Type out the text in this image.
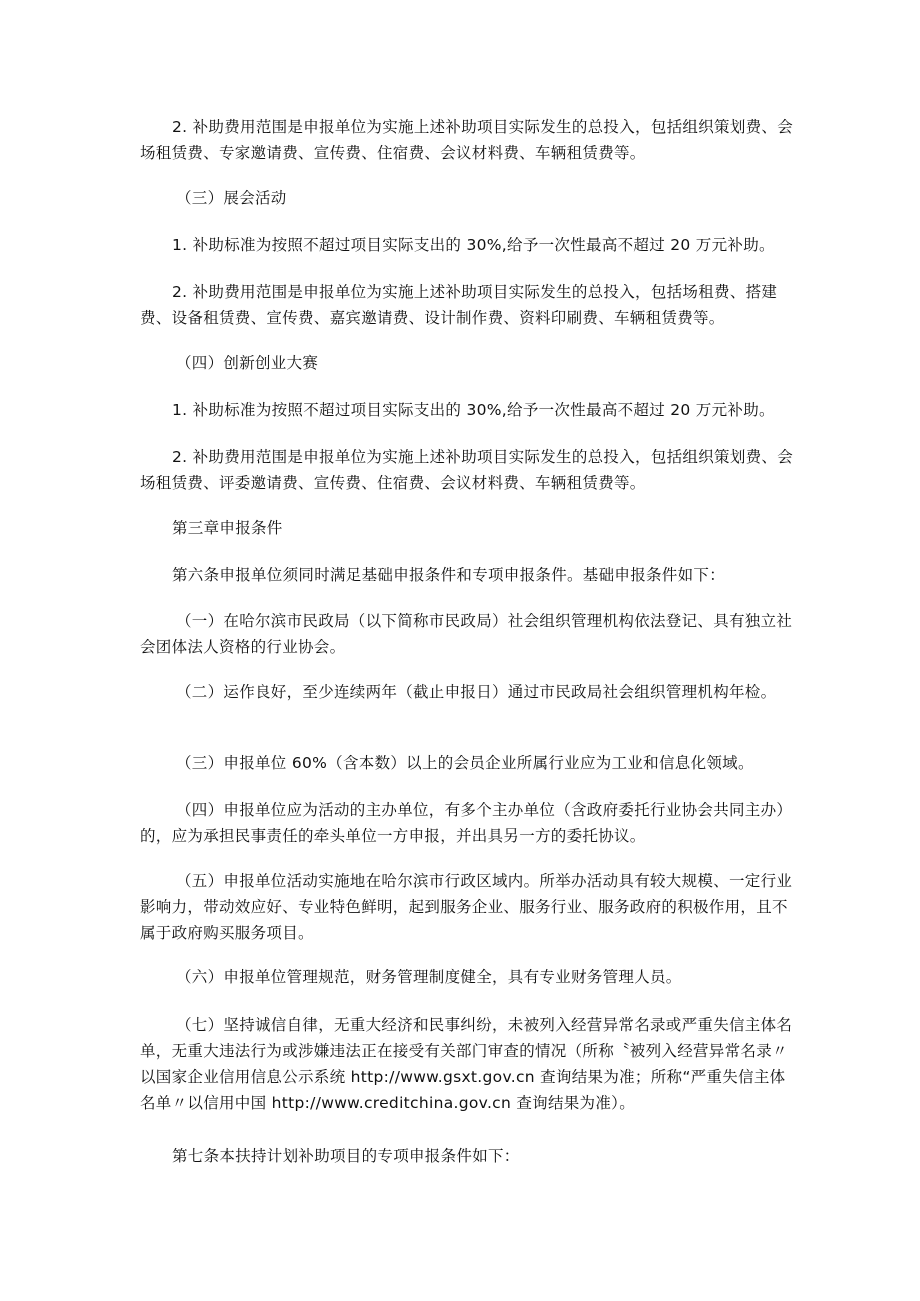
2. 补助费用范围是申报单位为实施上述补助项目实际发生的总投入，包括组织策划费、会场租赁费、专家邀请费、宣传费、住宿费、会议材料费、车辆租赁费等。

（三）展会活动

1. 补助标准为按照不超过项目实际支出的 30%,给予一次性最高不超过 20 万元补助。

2. 补助费用范围是申报单位为实施上述补助项目实际发生的总投入，包括场租费、搭建费、设备租赁费、宣传费、嘉宾邀请费、设计制作费、资料印刷费、车辆租赁费等。

（四）创新创业大赛

1. 补助标准为按照不超过项目实际支出的 30%,给予一次性最高不超过 20 万元补助。

2. 补助费用范围是申报单位为实施上述补助项目实际发生的总投入，包括组织策划费、会场租赁费、评委邀请费、宣传费、住宿费、会议材料费、车辆租赁费等。

第三章申报条件

第六条申报单位须同时满足基础申报条件和专项申报条件。基础申报条件如下：

（一）在哈尔滨市民政局（以下简称市民政局）社会组织管理机构依法登记、具有独立社会团体法人资格的行业协会。

（二）运作良好，至少连续两年（截止申报日）通过市民政局社会组织管理机构年检。

（三）申报单位 60%（含本数）以上的会员企业所属行业应为工业和信息化领域。

（四）申报单位应为活动的主办单位，有多个主办单位（含政府委托行业协会共同主办）的，应为承担民事责任的牵头单位一方申报，并出具另一方的委托协议。

（五）申报单位活动实施地在哈尔滨市行政区域内。所举办活动具有较大规模、一定行业影响力，带动效应好、专业特色鲜明，起到服务企业、服务行业、服务政府的积极作用，且不属于政府购买服务项目。

（六）申报单位管理规范，财务管理制度健全，具有专业财务管理人员。

（七）坚持诚信自律，无重大经济和民事纠纷，未被列入经营异常名录或严重失信主体名单，无重大违法行为或涉嫌违法正在接受有关部门审查的情况（所称〝被列入经营异常名录〃以国家企业信用信息公示系统 http://www.gsxt.gov.cn 查询结果为准；所称“严重失信主体名单〃以信用中国 http://www.creditchina.gov.cn 查询结果为准）。

第七条本扶持计划补助项目的专项申报条件如下：
